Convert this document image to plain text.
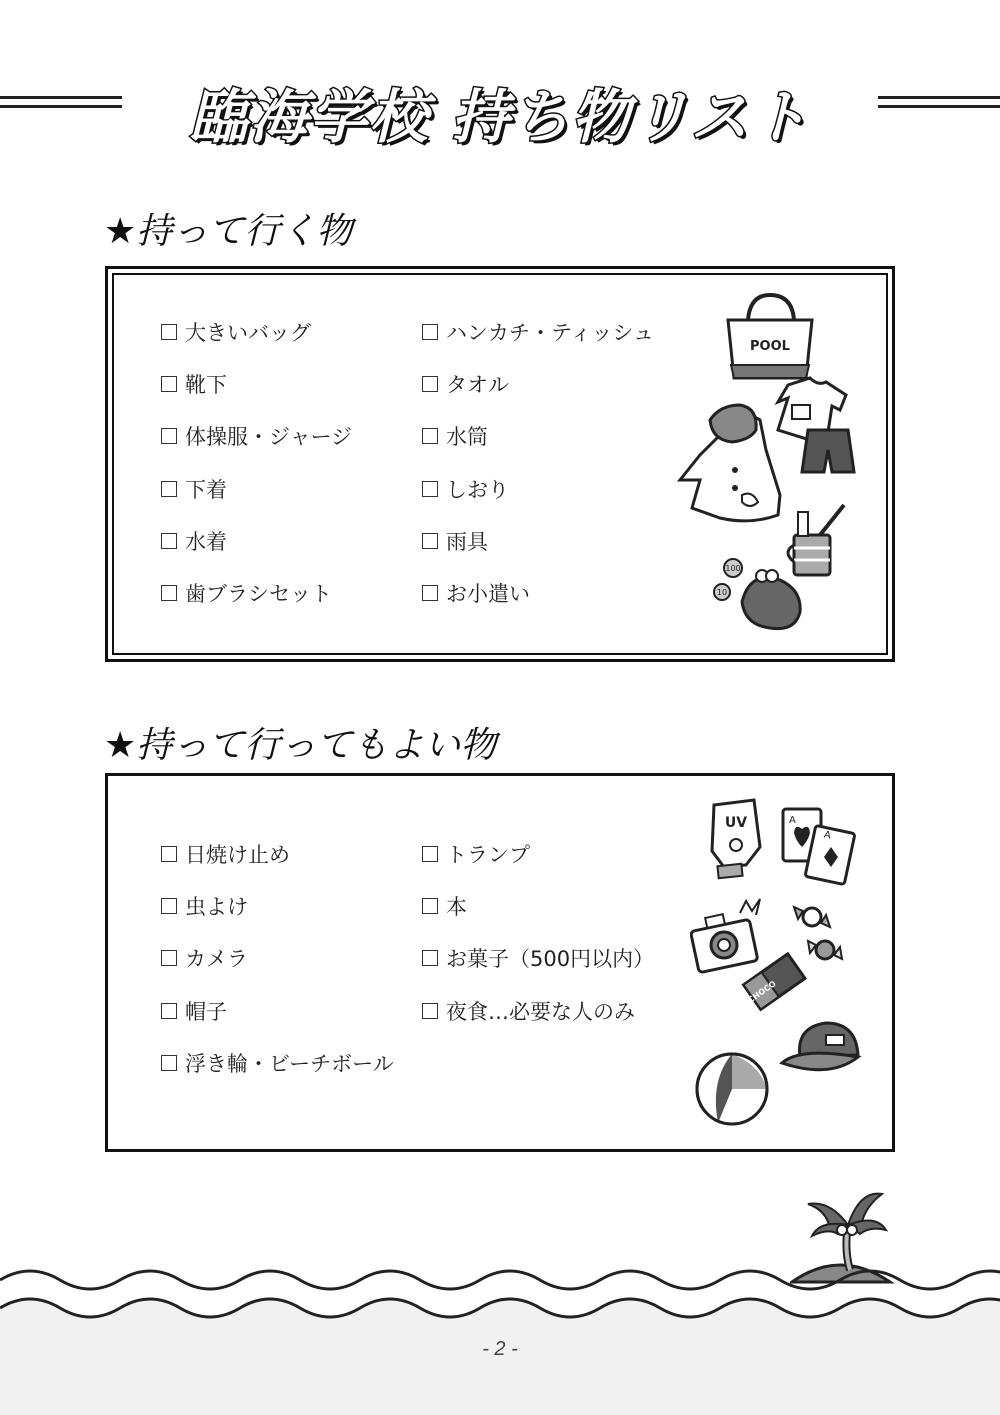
臨海学校 持ち物リスト
★持って行く物
大きいバッグ
靴下
体操服・ジャージ
下着
水着
歯ブラシセット
ハンカチ・ティッシュ
タオル
水筒
しおり
雨具
お小遣い
POOL
100
10
★持って行ってもよい物
日焼け止め
虫よけ
カメラ
帽子
浮き輪・ビーチボール
トランプ
本
お菓子（500円以内）
夜食…必要な人のみ
UV	A
A
CHOCO
- 2 -
